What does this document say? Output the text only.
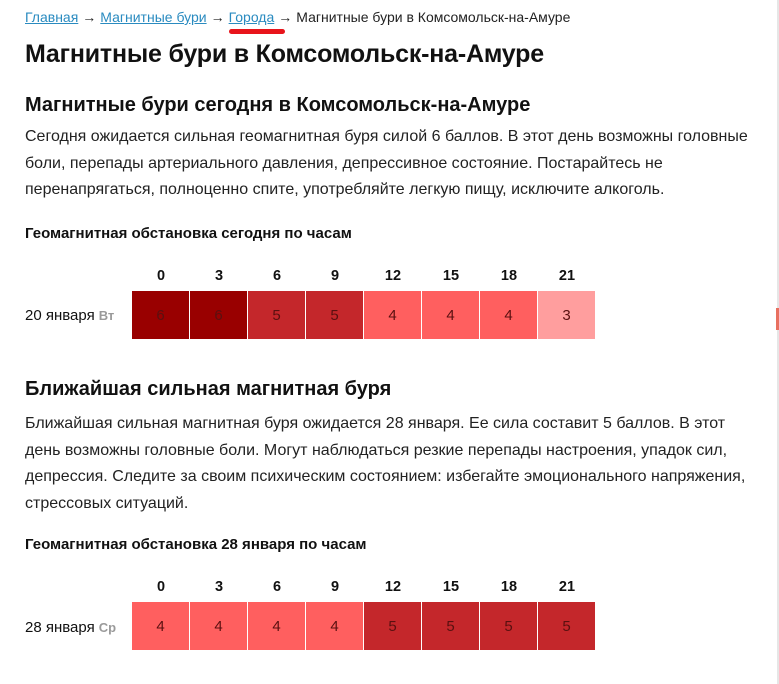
Главная → Магнитные бури → Города → Магнитные бури в Комсомольск-на-Амуре
Магнитные бури в Комсомольск-на-Амуре
Магнитные бури сегодня в Комсомольск-на-Амуре

Сегодня ожидается сильная геомагнитная буря силой 6 баллов. В этот день возможны головные боли, перепады артериального давления, депрессивное состояние. Постарайтесь не перенапрягаться, полноценно спите, употребляйте легкую пищу, исключите алкоголь.

Геомагнитная обстановка сегодня по часам
0	3	6	9	12	15	18	21
20 января Вт	6	6	5	5	4	4	4	3
Ближайшая сильная магнитная буря

Ближайшая сильная магнитная буря ожидается 28 января. Ее сила составит 5 баллов. В этот день возможны головные боли. Могут наблюдаться резкие перепады настроения, упадок сил, депрессия. Следите за своим психическим состоянием: избегайте эмоционального напряжения, стрессовых ситуаций.

Геомагнитная обстановка 28 января по часам
0	3	6	9	12	15	18	21
28 января Ср	4	4	4	4	5	5	5	5
